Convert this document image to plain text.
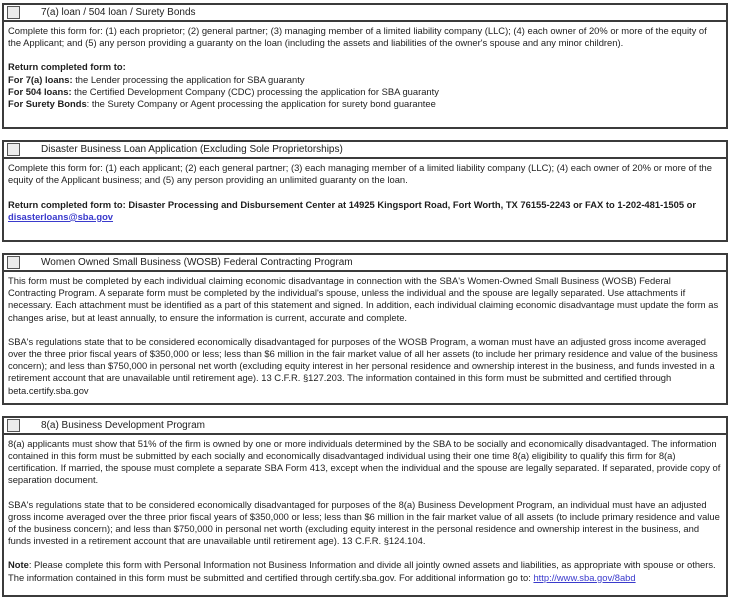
7(a) loan / 504 loan / Surety Bonds

Complete this form for: (1) each proprietor; (2) general partner; (3) managing member of a limited liability company (LLC); (4) each owner of 20% or more of the equity of the Applicant; and (5) any person providing a guaranty on the loan (including the assets and liabilities of the owner's spouse and any minor children).

Return completed form to:
For 7(a) loans: the Lender processing the application for SBA guaranty
For 504 loans: the Certified Development Company (CDC) processing the application for SBA guaranty
For Surety Bonds: the Surety Company or Agent processing the application for surety bond guarantee

Disaster Business Loan Application (Excluding Sole Proprietorships)

Complete this form for: (1) each applicant; (2) each general partner; (3) each managing member of a limited liability company (LLC); (4) each owner of 20% or more of the equity of the Applicant business; and (5) any person providing an unlimited guaranty on the loan.

Return completed form to: Disaster Processing and Disbursement Center at 14925 Kingsport Road, Fort Worth, TX 76155-2243 or FAX to 1-202-481-1505 or disasterloans@sba.gov

Women Owned Small Business (WOSB) Federal Contracting Program

This form must be completed by each individual claiming economic disadvantage in connection with the SBA's Women-Owned Small Business (WOSB) Federal Contracting Program. A separate form must be completed by the individual's spouse, unless the individual and the spouse are legally separated. Use attachments if necessary. Each attachment must be identified as a part of this statement and signed. In addition, each individual claiming economic disadvantage must update the form as changes arise, but at least annually, to ensure the information is current, accurate and complete.

SBA's regulations state that to be considered economically disadvantaged for purposes of the WOSB Program, a woman must have an adjusted gross income averaged over the three prior fiscal years of $350,000 or less; less than $6 million in the fair market value of all her assets (to include her primary residence and value of the business concern); and less than $750,000 in personal net worth (excluding equity interest in her personal residence and ownership interest in the business, and funds invested in a retirement account that are unavailable until retirement age). 13 C.F.R. §127.203. The information contained in this form must be submitted and certified through beta.certify.sba.gov

8(a) Business Development Program

8(a) applicants must show that 51% of the firm is owned by one or more individuals determined by the SBA to be socially and economically disadvantaged. The information contained in this form must be submitted by each socially and economically disadvantaged individual using their one time 8(a) eligibility to qualify this firm for 8(a) certification. If married, the spouse must complete a separate SBA Form 413, except when the individual and the spouse are legally separated. If separated, provide copy of separation document.

SBA's regulations state that to be considered economically disadvantaged for purposes of the 8(a) Business Development Program, an individual must have an adjusted gross income averaged over the three prior fiscal years of $350,000 or less; less than $6 million in the fair market value of all assets (to include primary residence and value of the business concern); and less than $750,000 in personal net worth (excluding equity interest in the personal residence and ownership interest in the business, and funds invested in a retirement account that are unavailable until retirement age). 13 C.F.R. §124.104.

Note: Please complete this form with Personal Information not Business Information and divide all jointly owned assets and liabilities, as appropriate with spouse or others. The information contained in this form must be submitted and certified through certify.sba.gov. For additional information go to: http://www.sba.gov/8abd
